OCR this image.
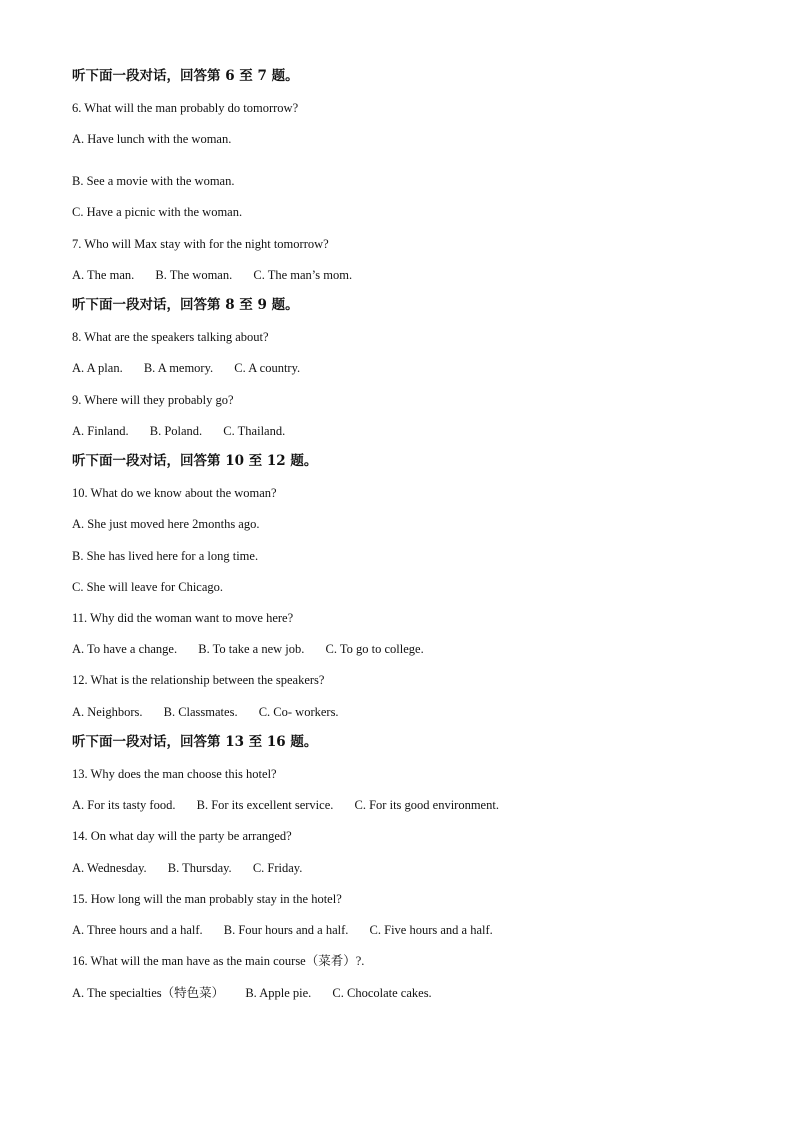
听下面一段对话，回答第 6 至 7 题。
6. What will the man probably do tomorrow?
A. Have lunch with the woman.
B. See a movie with the woman.
C. Have a picnic with the woman.
7. Who will Max stay with for the night tomorrow?
A. The man. B. The woman. C. The man’s mom.
听下面一段对话，回答第 8 至 9 题。
8. What are the speakers talking about?
A. A plan. B. A memory. C. A country.
9. Where will they probably go?
A. Finland. B. Poland. C. Thailand.
听下面一段对话，回答第 10 至 12 题。
10. What do we know about the woman?
A. She just moved here 2months ago.
B. She has lived here for a long time.
C. She will leave for Chicago.
11. Why did the woman want to move here?
A. To have a change. B. To take a new job. C. To go to college.
12. What is the relationship between the speakers?
A. Neighbors. B. Classmates. C. Co- workers.
听下面一段对话，回答第 13 至 16 题。
13. Why does the man choose this hotel?
A. For its tasty food. B. For its excellent service. C. For its good environment.
14. On what day will the party be arranged?
A. Wednesday. B. Thursday. C. Friday.
15. How long will the man probably stay in the hotel?
A. Three hours and a half. B. Four hours and a half. C. Five hours and a half.
16. What will the man have as the main course（菜肴）?.
A. The specialties（特色菜） B. Apple pie. C. Chocolate cakes.
